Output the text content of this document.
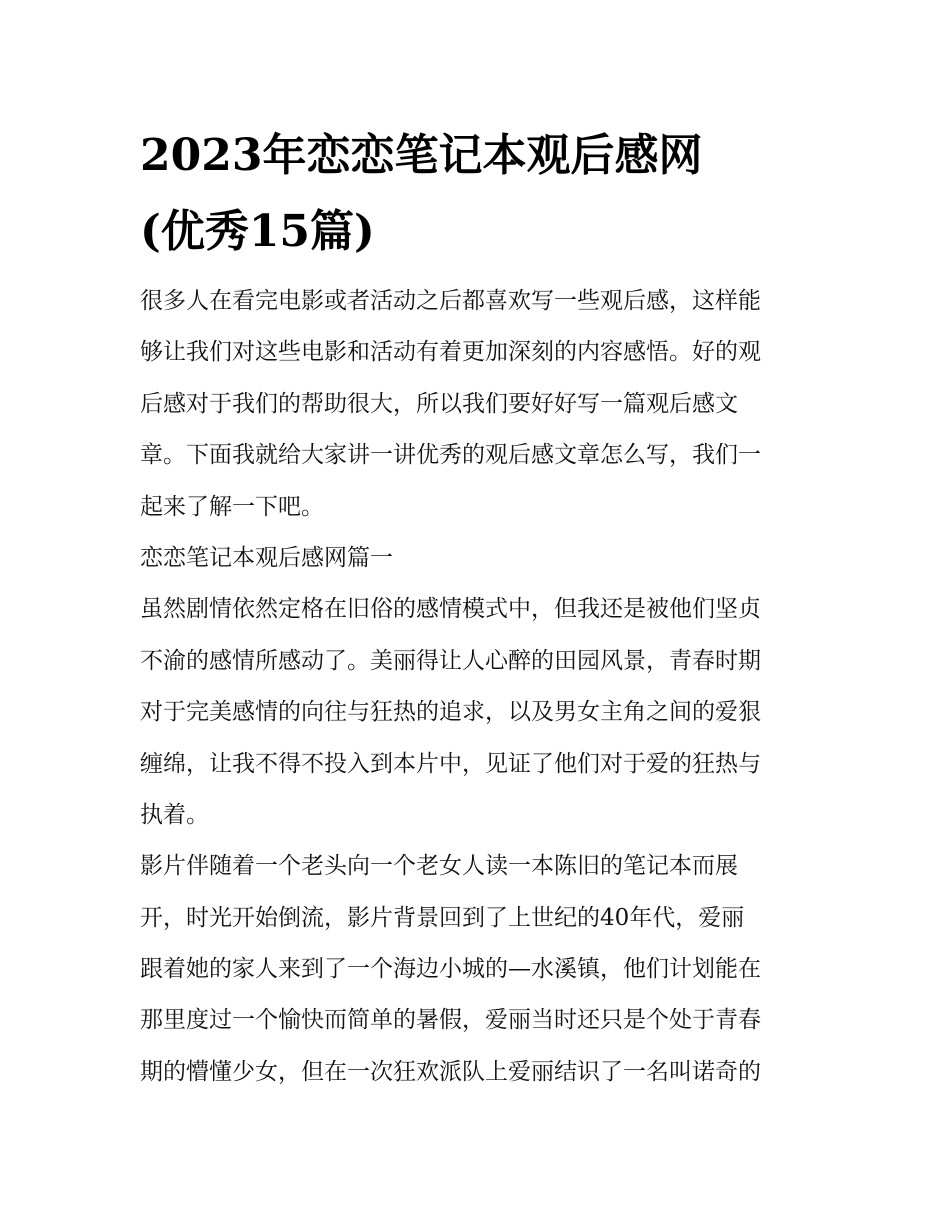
2023年恋恋笔记本观后感网
(优秀15篇)
很多人在看完电影或者活动之后都喜欢写一些观后感，这样能
够让我们对这些电影和活动有着更加深刻的内容感悟。好的观
后感对于我们的帮助很大，所以我们要好好写一篇观后感文
章。下面我就给大家讲一讲优秀的观后感文章怎么写，我们一
起来了解一下吧。
恋恋笔记本观后感网篇一
虽然剧情依然定格在旧俗的感情模式中，但我还是被他们坚贞
不渝的感情所感动了。美丽得让人心醉的田园风景，青春时期
对于完美感情的向往与狂热的追求，以及男女主角之间的爱狠
缠绵，让我不得不投入到本片中，见证了他们对于爱的狂热与
执着。
影片伴随着一个老头向一个老女人读一本陈旧的笔记本而展
开，时光开始倒流，影片背景回到了上世纪的40年代，爱丽
跟着她的家人来到了一个海边小城的—水溪镇，他们计划能在
那里度过一个愉快而简单的暑假，爱丽当时还只是个处于青春
期的懵懂少女，但在一次狂欢派队上爱丽结识了一名叫诺奇的
